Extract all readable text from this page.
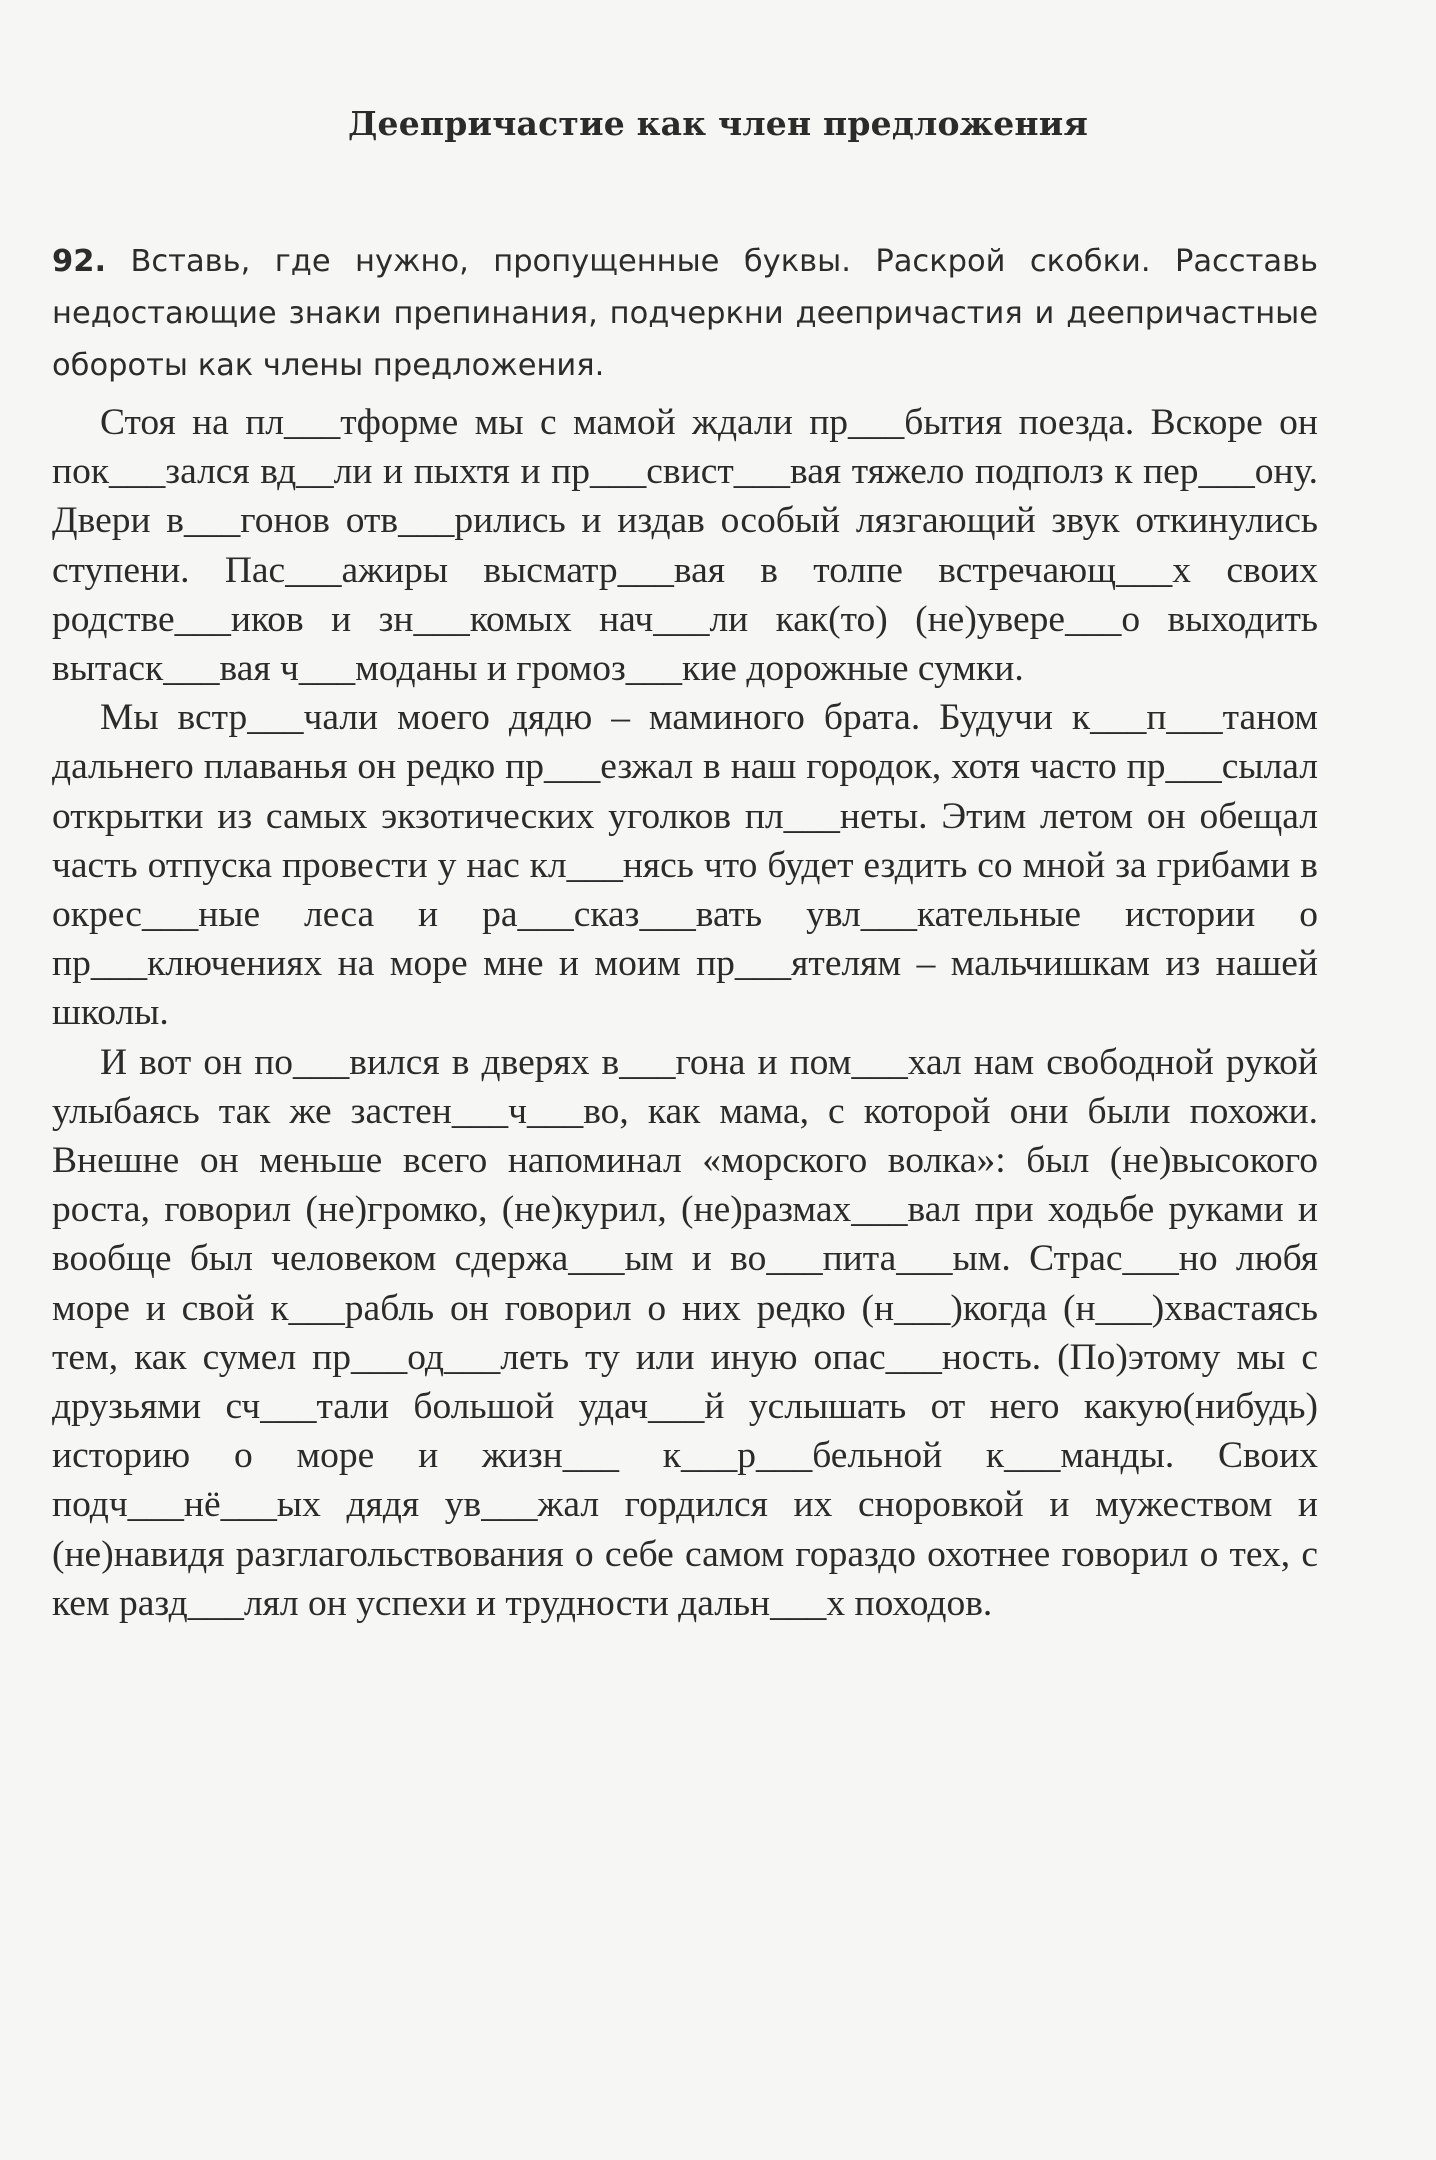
Деепричастие как член предложения

92. Вставь, где нужно, пропущенные буквы. Раскрой скобки. Расставь недостающие знаки препинания, подчеркни деепричастия и деепричастные обороты как члены предложения.

Стоя на пл___тформе мы с мамой ждали пр___бытия поезда. Вскоре он пок___зался вд__ли и пыхтя и пр___свист___вая тяжело подполз к пер___ону. Двери в___гонов отв___рились и издав особый лязгающий звук откинулись ступени. Пас___ажиры высматр___вая в толпе встречающ___х своих родстве___иков и зн___комых нач___ли как(то) (не)увере___о выходить вытаск___вая ч___моданы и громоз___кие дорожные сумки.

Мы встр___чали моего дядю – маминого брата. Будучи к___п___таном дальнего плаванья он редко пр___езжал в наш городок, хотя часто пр___сылал открытки из самых экзотических уголков пл___неты. Этим летом он обещал часть отпуска провести у нас кл___нясь что будет ездить со мной за грибами в окрес___ные леса и ра___сказ___вать увл___кательные истории о пр___ключениях на море мне и моим пр___ятелям – мальчишкам из нашей школы.

И вот он по___вился в дверях в___гона и пом___хал нам свободной рукой улыбаясь так же застен___ч___во, как мама, с которой они были похожи. Внешне он меньше всего напоминал «морского волка»: был (не)высокого роста, говорил (не)громко, (не)курил, (не)размах___вал при ходьбе руками и вообще был человеком сдержа___ым и во___пита___ым. Страс___но любя море и свой к___рабль он говорил о них редко (н___)когда (н___)хвастаясь тем, как сумел пр___од___леть ту или иную опас___ность. (По)этому мы с друзьями сч___тали большой удач___й услышать от него какую(нибудь) историю о море и жизн___ к___р___бельной к___манды. Своих подч___нё___ых дядя ув___жал гордился их сноровкой и мужеством и (не)навидя разглагольствования о себе самом гораздо охотнее говорил о тех, с кем разд___лял он успехи и трудности дальн___х походов.
